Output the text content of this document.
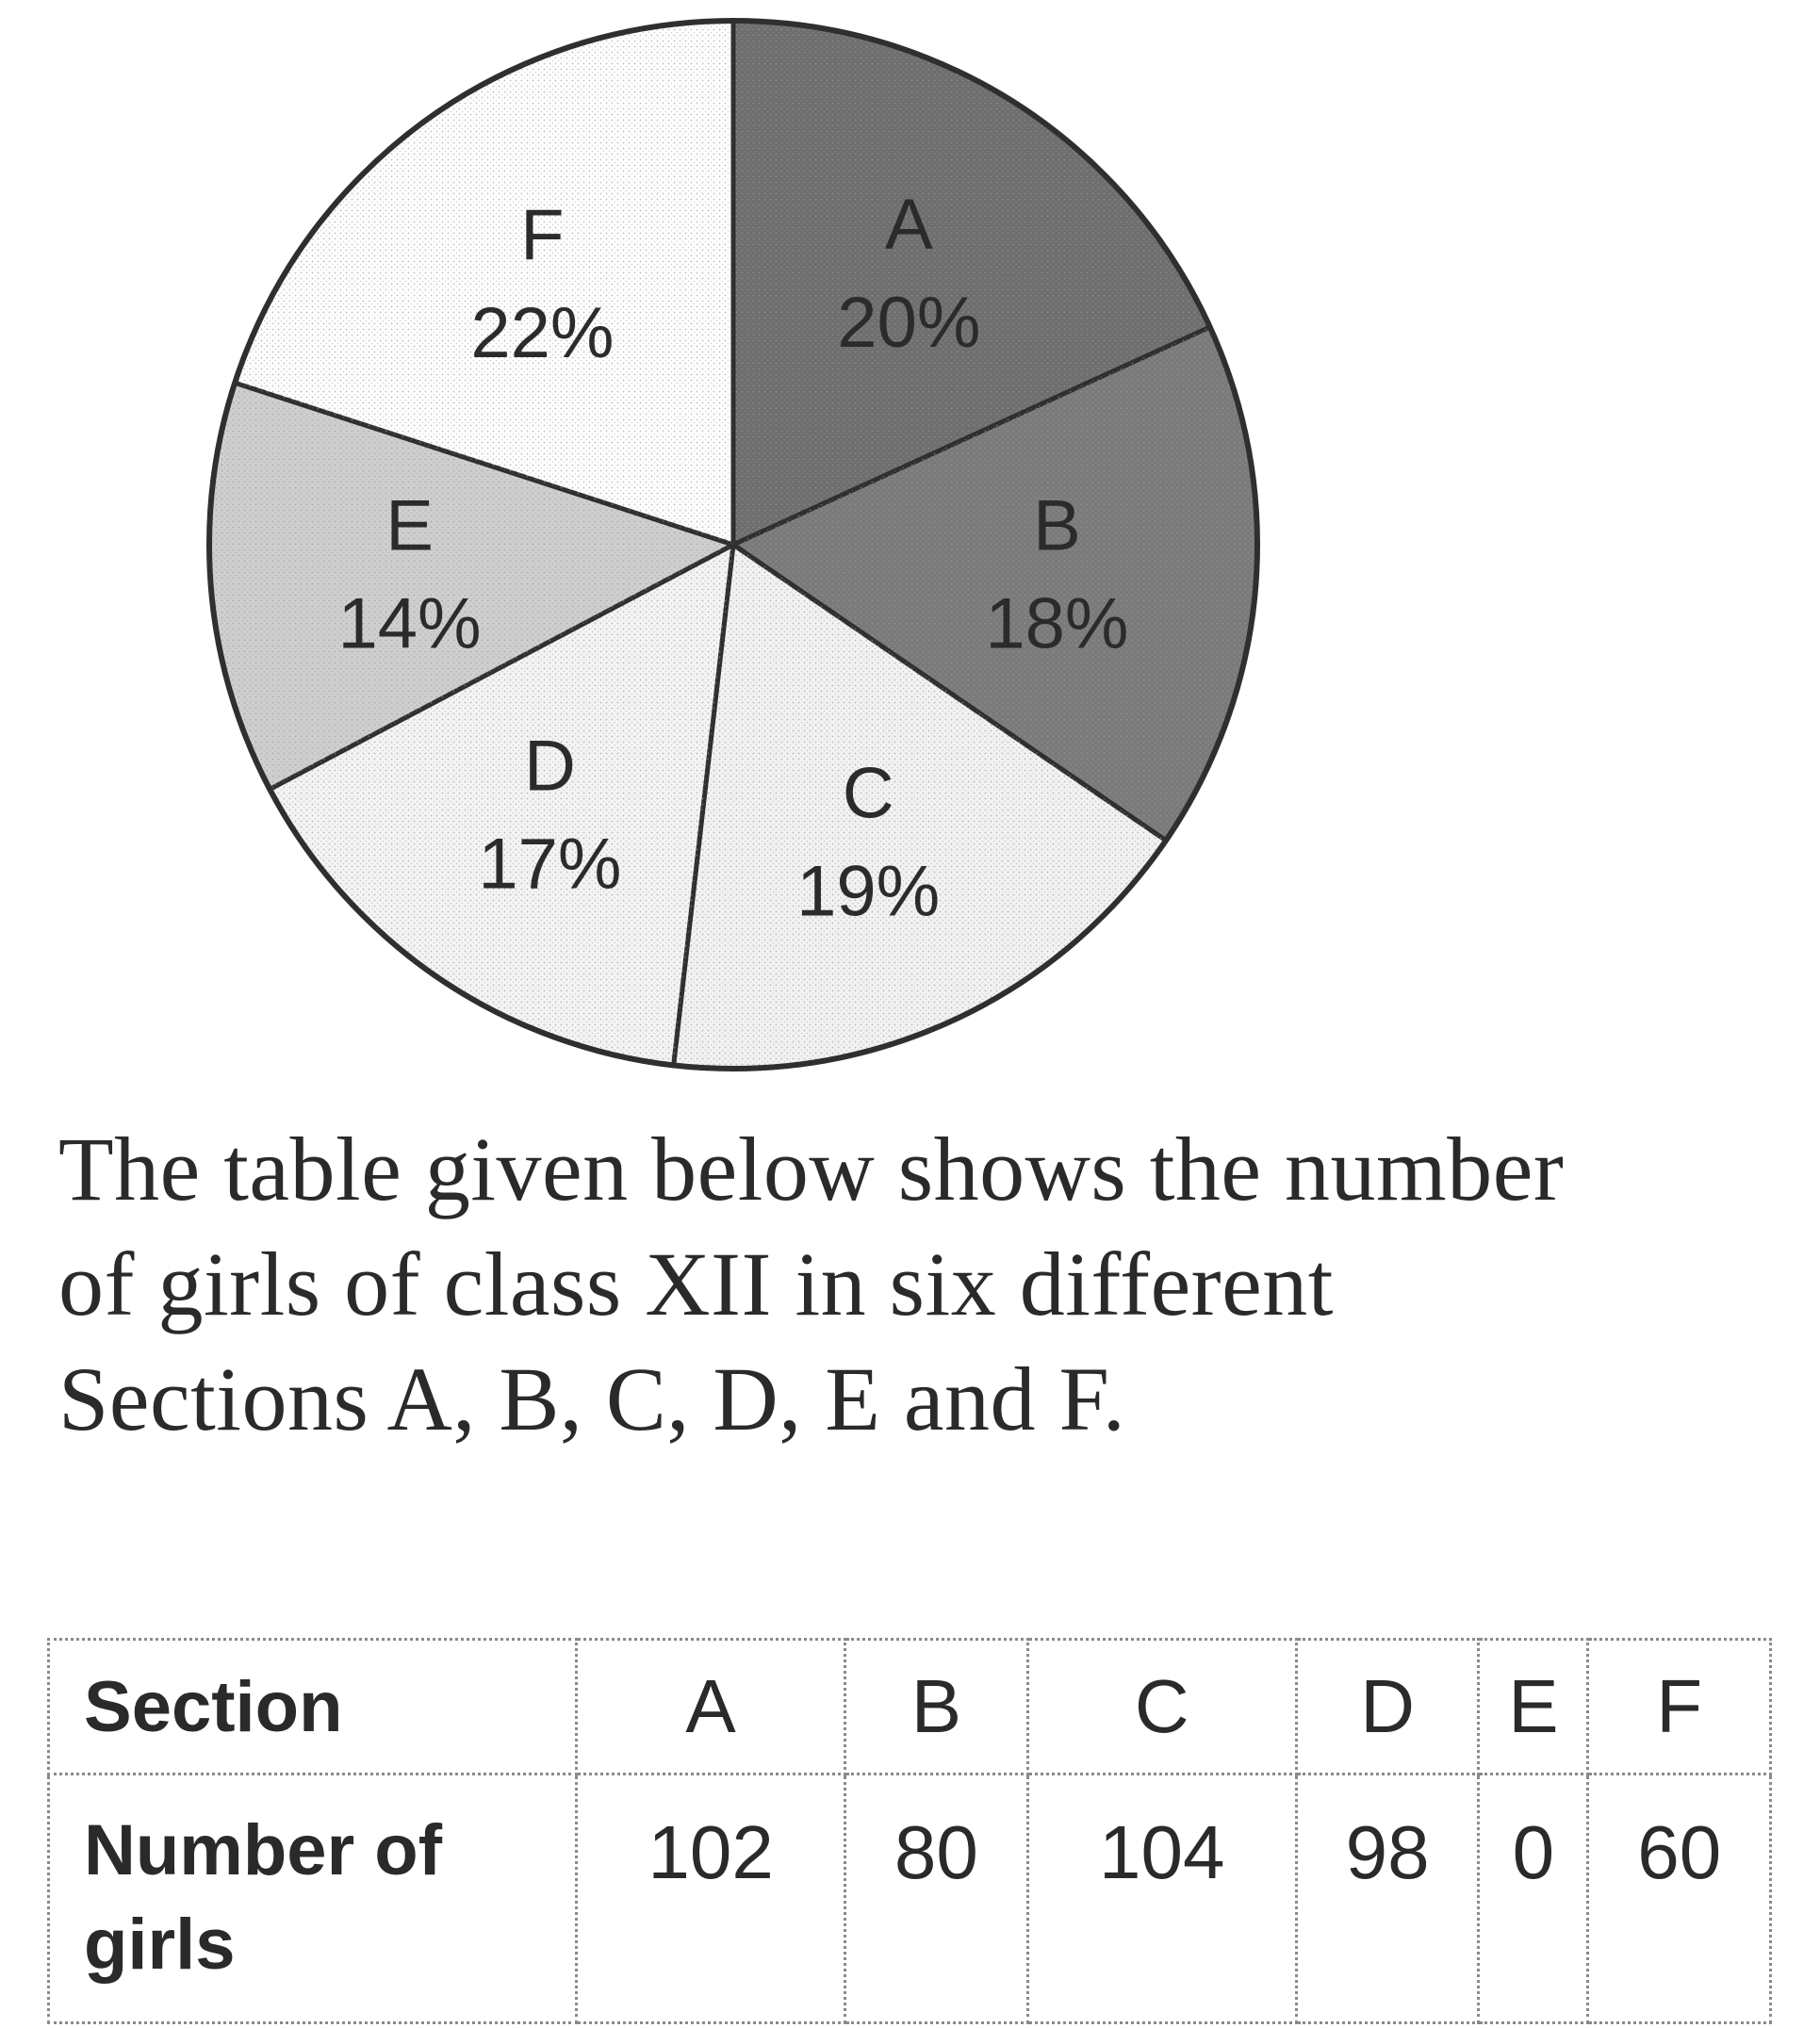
A
20%
B
18%
C
19%
D
17%
E
14%
F
22%

The table given below shows the number of girls of class XII in six different Sections A, B, C, D, E and F.

Section	A	B	C	D	E	F
Number of girls	102	80	104	98	0	60
